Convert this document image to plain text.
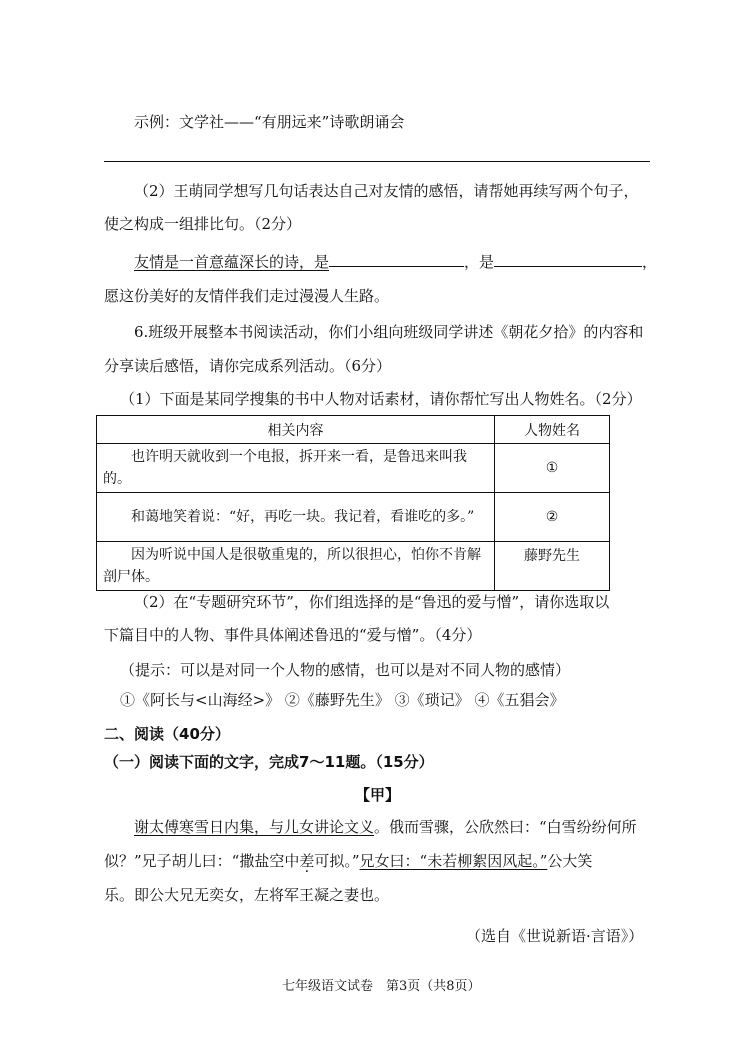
示例：文学社——“有朋远来”诗歌朗诵会
（2）王萌同学想写几句话表达自己对友情的感悟，请帮她再续写两个句子，
使之构成一组排比句。（2分）
友情是一首意蕴深长的诗，是	，是	，
愿这份美好的友情伴我们走过漫漫人生路。
6.班级开展整本书阅读活动，你们小组向班级同学讲述《朝花夕拾》的内容和
分享读后感悟，请你完成系列活动。（6分）
（1）下面是某同学搜集的书中人物对话素材，请你帮忙写出人物姓名。（2分）
相关内容	人物姓名
也许明天就收到一个电报，拆开来一看，是鲁迅来叫我的。	①
和蔼地笑着说：“好，再吃一块。我记着，看谁吃的多。”	②
因为听说中国人是很敬重鬼的，所以很担心，怕你不肯解剖尸体。	藤野先生
（2）在“专题研究环节”，你们组选择的是“鲁迅的爱与憎”，请你选取以
下篇目中的人物、事件具体阐述鲁迅的“爱与憎”。（4分）
（提示：可以是对同一个人物的感情，也可以是对不同人物的感情）
①《阿长与<山海经>》 ②《藤野先生》 ③《琐记》 ④《五猖会》
二、阅读（40分）
（一）阅读下面的文字，完成7～11题。（15分）
【甲】
谢太傅寒雪日内集，与儿女讲论文义。俄而雪骤，公欣然曰：“白雪纷纷何所
似？”兄子胡儿曰：“撒盐空中差可拟。”兄女曰：“未若柳絮因风起。”公大笑
乐。即公大兄无奕女，左将军王凝之妻也。
（选自《世说新语·言语》）
七年级语文试卷　第3页（共8页）
